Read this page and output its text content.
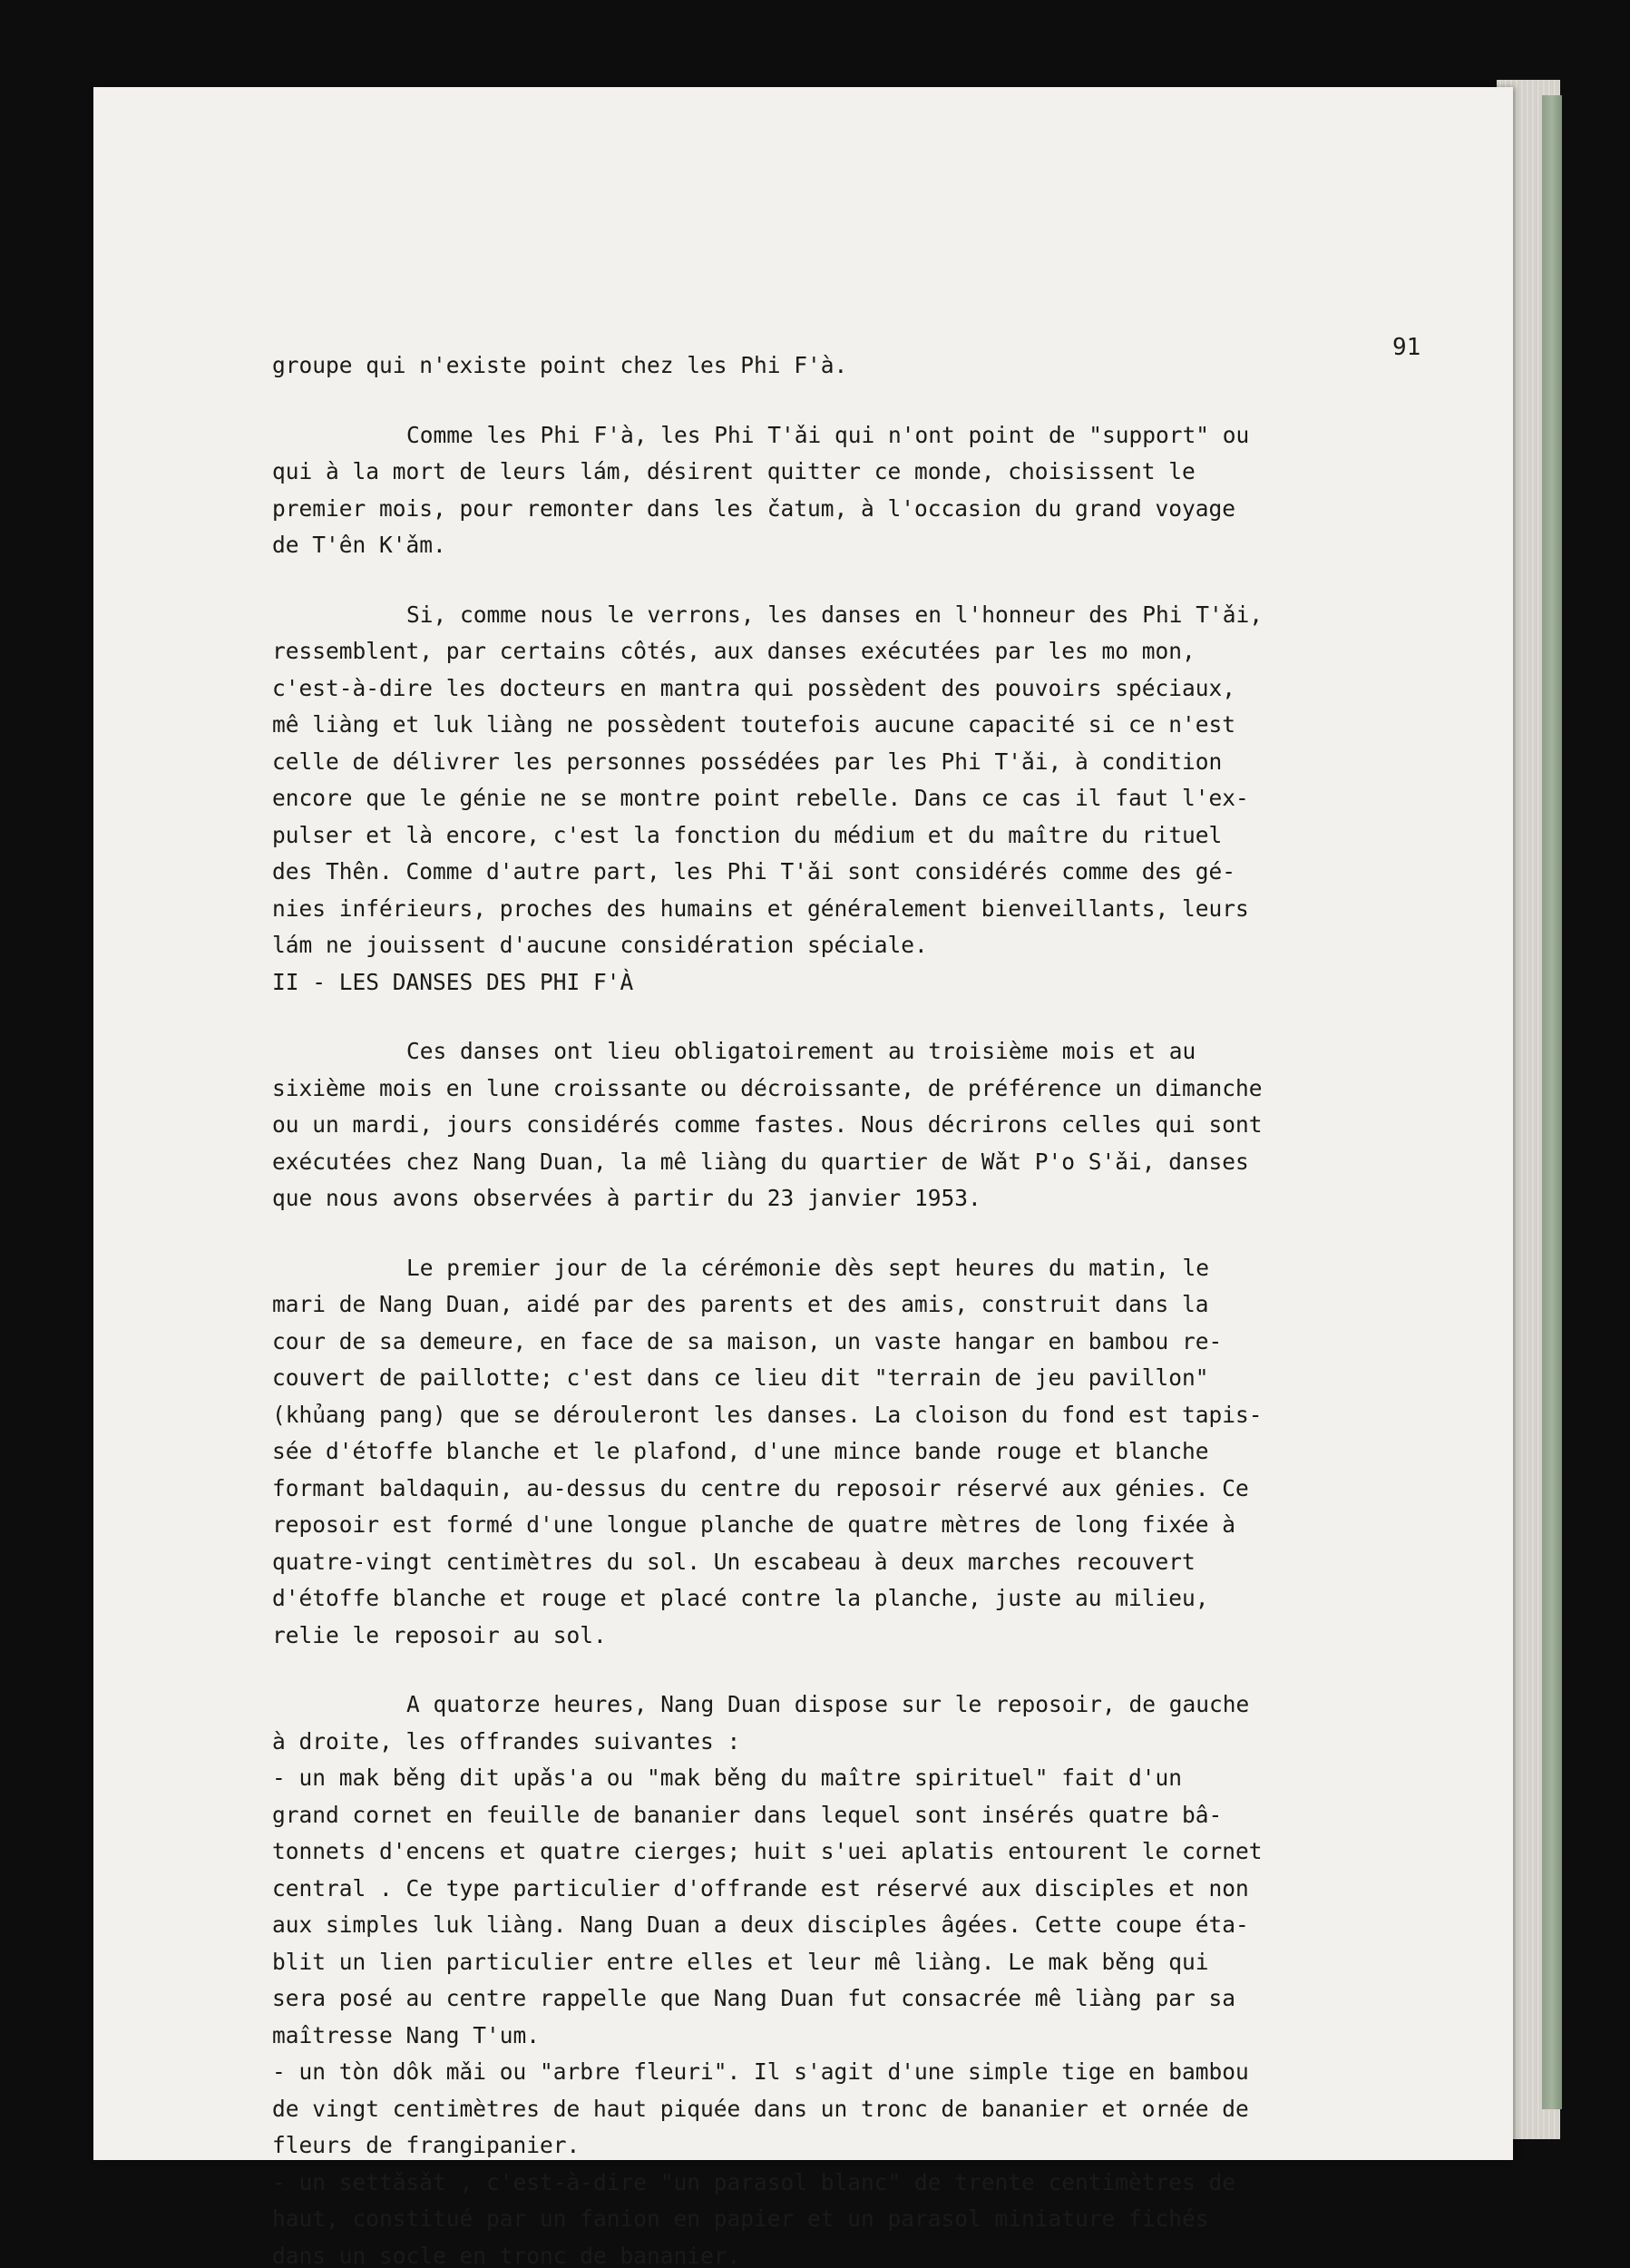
91
groupe qui n'existe point chez les Phi F'à.
Comme les Phi F'à, les Phi T'ǎi qui n'ont point de "support" ou
qui à la mort de leurs lám, désirent quitter ce monde, choisissent le
premier mois, pour remonter dans les čatum, à l'occasion du grand voyage
de T'ên K'ǎm.
Si, comme nous le verrons, les danses en l'honneur des Phi T'ǎi,
ressemblent, par certains côtés, aux danses exécutées par les mo mon,
c'est-à-dire les docteurs en mantra qui possèdent des pouvoirs spéciaux,
mê liàng et luk liàng ne possèdent toutefois aucune capacité si ce n'est
celle de délivrer les personnes possédées par les Phi T'ǎi, à condition
encore que le génie ne se montre point rebelle. Dans ce cas il faut l'ex-
pulser et là encore, c'est la fonction du médium et du maître du rituel
des Thên. Comme d'autre part, les Phi T'ǎi sont considérés comme des gé-
nies inférieurs, proches des humains et généralement bienveillants, leurs
lám ne jouissent d'aucune considération spéciale.
II - LES DANSES DES PHI F'À
Ces danses ont lieu obligatoirement au troisième mois et au
sixième mois en lune croissante ou décroissante, de préférence un dimanche
ou un mardi, jours considérés comme fastes. Nous décrirons celles qui sont
exécutées chez Nang Duan, la mê liàng du quartier de Wǎt P'o S'ǎi, danses
que nous avons observées à partir du 23 janvier 1953.
Le premier jour de la cérémonie dès sept heures du matin, le
mari de Nang Duan, aidé par des parents et des amis, construit dans la
cour de sa demeure, en face de sa maison, un vaste hangar en bambou re-
couvert de paillotte; c'est dans ce lieu dit "terrain de jeu pavillon"
(khủang pang) que se dérouleront les danses. La cloison du fond est tapis-
sée d'étoffe blanche et le plafond, d'une mince bande rouge et blanche
formant baldaquin, au-dessus du centre du reposoir réservé aux génies. Ce
reposoir est formé d'une longue planche de quatre mètres de long fixée à
quatre-vingt centimètres du sol. Un escabeau à deux marches recouvert
d'étoffe blanche et rouge et placé contre la planche, juste au milieu,
relie le reposoir au sol.
A quatorze heures, Nang Duan dispose sur le reposoir, de gauche
à droite, les offrandes suivantes :
- un mak běng dit upǎs'a ou "mak běng du maître spirituel" fait d'un
grand cornet en feuille de bananier dans lequel sont insérés quatre bâ-
tonnets d'encens et quatre cierges; huit s'uei aplatis entourent le cornet
central . Ce type particulier d'offrande est réservé aux disciples et non
aux simples luk liàng. Nang Duan a deux disciples âgées. Cette coupe éta-
blit un lien particulier entre elles et leur mê liàng. Le mak běng qui
sera posé au centre rappelle que Nang Duan fut consacrée mê liàng par sa
maîtresse Nang T'um.
- un tòn dôk mǎi ou "arbre fleuri". Il s'agit d'une simple tige en bambou
de vingt centimètres de haut piquée dans un tronc de bananier et ornée de
fleurs de frangipanier.
- un settǎsǎt , c'est-à-dire "un parasol blanc" de trente centimètres de
haut, constitué par un fanion en papier et un parasol miniature fichés
dans un socle en tronc de bananier.
